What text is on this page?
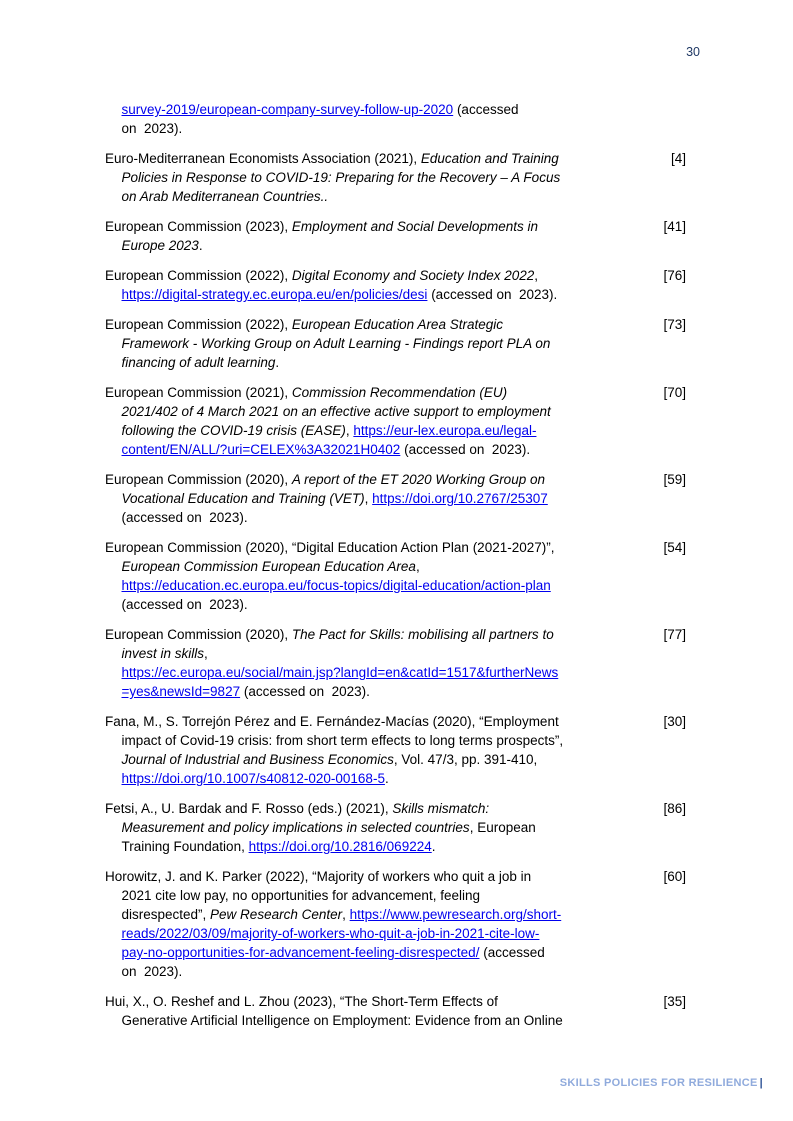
30
survey-2019/european-company-survey-follow-up-2020 (accessed
on  2023).
Euro-Mediterranean Economists Association (2021), Education and Training
Policies in Response to COVID-19: Preparing for the Recovery – A Focus
on Arab Mediterranean Countries..
[4]
European Commission (2023), Employment and Social Developments in
Europe 2023.
[41]
European Commission (2022), Digital Economy and Society Index 2022,
https://digital-strategy.ec.europa.eu/en/policies/desi (accessed on  2023).
[76]
European Commission (2022), European Education Area Strategic
Framework - Working Group on Adult Learning - Findings report PLA on
financing of adult learning.
[73]
European Commission (2021), Commission Recommendation (EU)
2021/402 of 4 March 2021 on an effective active support to employment
following the COVID-19 crisis (EASE), https://eur-lex.europa.eu/legal-
content/EN/ALL/?uri=CELEX%3A32021H0402 (accessed on  2023).
[70]
European Commission (2020), A report of the ET 2020 Working Group on
Vocational Education and Training (VET), https://doi.org/10.2767/25307
(accessed on  2023).
[59]
European Commission (2020), “Digital Education Action Plan (2021-2027)”,
European Commission European Education Area,
https://education.ec.europa.eu/focus-topics/digital-education/action-plan
(accessed on  2023).
[54]
European Commission (2020), The Pact for Skills: mobilising all partners to
invest in skills,
https://ec.europa.eu/social/main.jsp?langId=en&catId=1517&furtherNews
=yes&newsId=9827 (accessed on  2023).
[77]
Fana, M., S. Torrejón Pérez and E. Fernández-Macías (2020), “Employment
impact of Covid-19 crisis: from short term effects to long terms prospects”,
Journal of Industrial and Business Economics, Vol. 47/3, pp. 391-410,
https://doi.org/10.1007/s40812-020-00168-5.
[30]
Fetsi, A., U. Bardak and F. Rosso (eds.) (2021), Skills mismatch:
Measurement and policy implications in selected countries, European
Training Foundation, https://doi.org/10.2816/069224.
[86]
Horowitz, J. and K. Parker (2022), “Majority of workers who quit a job in
2021 cite low pay, no opportunities for advancement, feeling
disrespected”, Pew Research Center, https://www.pewresearch.org/short-
reads/2022/03/09/majority-of-workers-who-quit-a-job-in-2021-cite-low-
pay-no-opportunities-for-advancement-feeling-disrespected/ (accessed
on  2023).
[60]
Hui, X., O. Reshef and L. Zhou (2023), “The Short-Term Effects of
Generative Artificial Intelligence on Employment: Evidence from an Online
[35]

SKILLS POLICIES FOR RESILIENCE |
